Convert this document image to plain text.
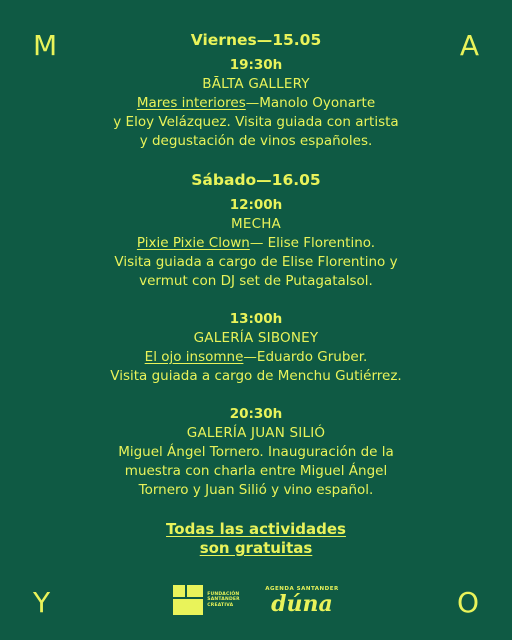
M	A
Y	O
Viernes—15.05
19:30h
BĀLTA GALLERY
Mares interiores—Manolo Oyonarte
y Eloy Velázquez. Visita guiada con artista
y degustación de vinos españoles.
Sábado—16.05
12:00h
MECHA
Pixie Pixie Clown— Elise Florentino.
Visita guiada a cargo de Elise Florentino y
vermut con DJ set de Putagatalsol.
13:00h
GALERÍA SIBONEY
El ojo insomne—Eduardo Gruber.
Visita guiada a cargo de Menchu Gutiérrez.
20:30h
GALERÍA JUAN SILIÓ
Miguel Ángel Tornero. Inauguración de la
muestra con charla entre Miguel Ángel
Tornero y Juan Silió y vino español.
Todas las actividades
son gratuitas
FUNDACIÓN SANTANDER CREATIVA
AGENDA SANTANDER
dúna
